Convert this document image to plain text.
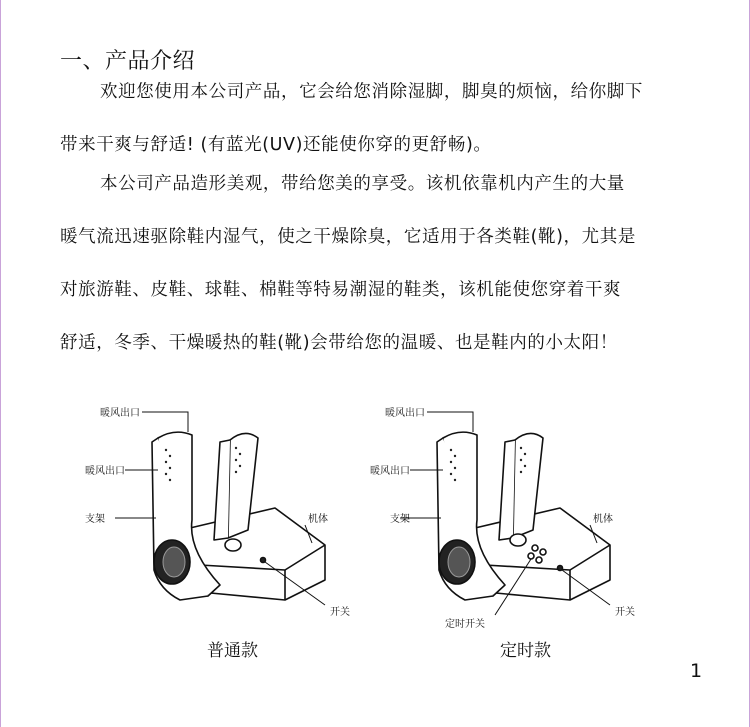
一、产品介绍

欢迎您使用本公司产品，它会给您消除湿脚，脚臭的烦恼，给你脚下

带来干爽与舒适! (有蓝光(UV)还能使你穿的更舒畅)。

本公司产品造形美观，带给您美的享受。该机依靠机内产生的大量

暖气流迅速驱除鞋内湿气，使之干燥除臭，它适用于各类鞋(靴)，尤其是

对旅游鞋、皮鞋、球鞋、棉鞋等特易潮湿的鞋类，该机能使您穿着干爽

舒适，冬季、干燥暖热的鞋(靴)会带给您的温暖、也是鞋内的小太阳！

暖风出口
暖风出口
支架	机体
开关
普通款
暖风出口
暖风出口
支架	机体
开关
定时开关
定时款
1
